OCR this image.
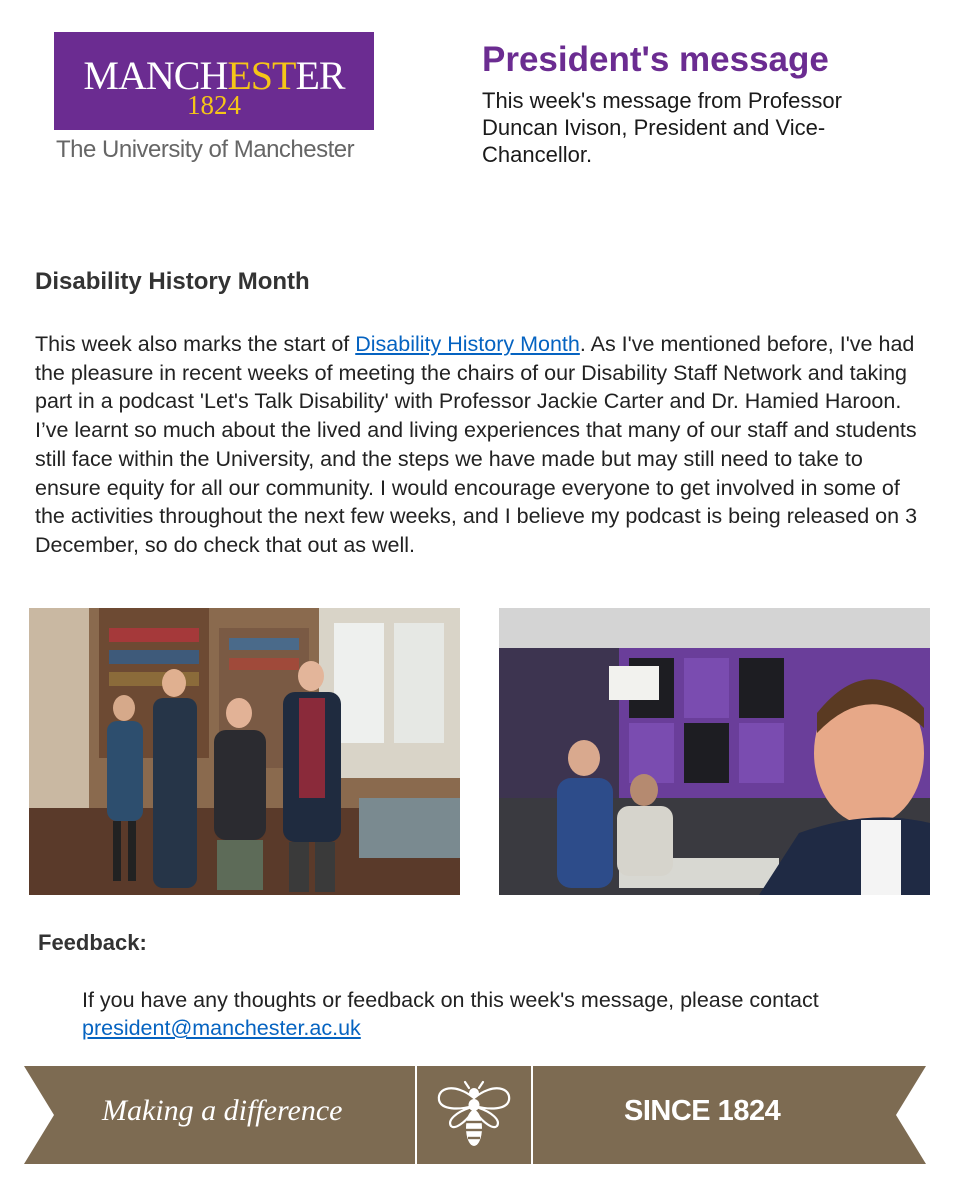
MANCHESTER
1824
The University of Manchester
President's message
This week's message from Professor Duncan Ivison, President and Vice-Chancellor.
Disability History Month
This week also marks the start of Disability History Month. As I've mentioned before, I've had the pleasure in recent weeks of meeting the chairs of our Disability Staff Network and taking part in a podcast 'Let's Talk Disability' with Professor Jackie Carter and Dr. Hamied Haroon. I’ve learnt so much about the lived and living experiences that many of our staff and students still face within the University, and the steps we have made but may still need to take to ensure equity for all our community. I would encourage everyone to get involved in some of the activities throughout the next few weeks, and I believe my podcast is being released on 3 December, so do check that out as well.
Feedback:
If you have any thoughts or feedback on this week's message, please contact president@manchester.ac.uk
Making a difference	SINCE 1824
